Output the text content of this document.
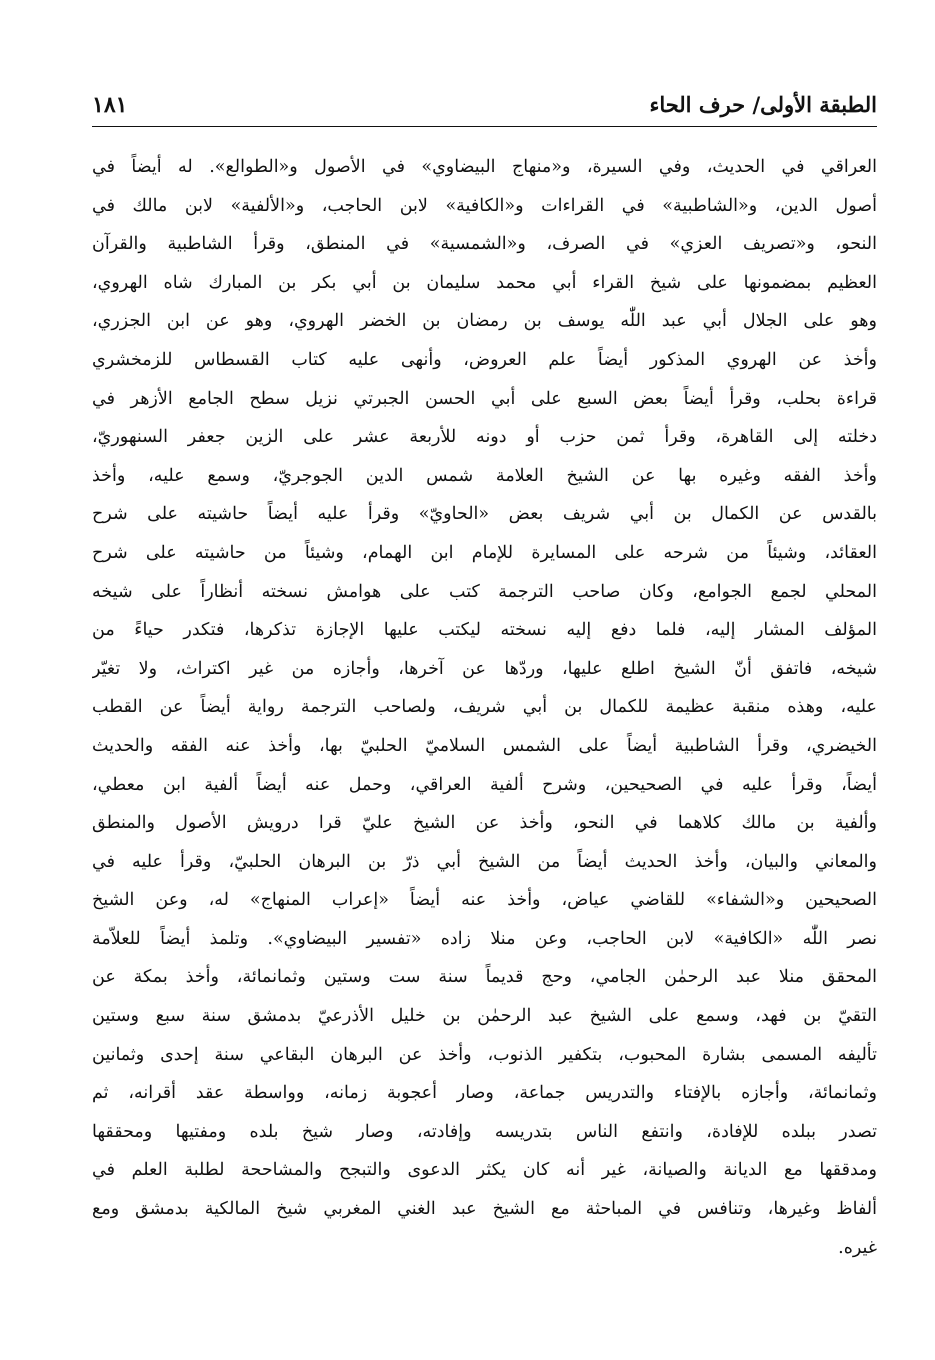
الطبقة الأولى/ حرف الحاء
١٨١
العراقي في الحديث، وفي السيرة، و«منهاج البيضاوي» في الأصول و«الطوالع». له أيضاً في
أصول الدين، و«الشاطبية» في القراءات و«الكافية» لابن الحاجب، و«الألفية» لابن مالك في
النحو، و«تصريف العزي» في الصرف، و«الشمسية» في المنطق، وقرأ الشاطبية والقرآن
العظيم بمضمونها على شيخ القراء أبي محمد سليمان بن أبي بكر بن المبارك شاه الهروي،
وهو على الجلال أبي عبد اللّٰه يوسف بن رمضان بن الخضر الهروي، وهو عن ابن الجزري،
وأخذ عن الهروي المذكور أيضاً علم العروض، وأنهى عليه كتاب القسطاس للزمخشري
قراءة بحلب، وقرأ أيضاً بعض السبع على أبي الحسن الجبرتي نزيل سطح الجامع الأزهر في
دخلته إلى القاهرة، وقرأ ثمن حزب أو دونه للأربعة عشر على الزين جعفر السنهوريّ،
وأخذ الفقه وغيره بها عن الشيخ العلامة شمس الدين الجوجريّ، وسمع عليه، وأخذ
بالقدس عن الكمال بن أبي شريف بعض «الحاويّ» وقرأ عليه أيضاً حاشيته على شرح
العقائد، وشيئاً من شرحه على المسايرة للإمام ابن الهمام، وشيئاً من حاشيته على شرح
المحلي لجمع الجوامع، وكان صاحب الترجمة كتب على هوامش نسخته أنظاراً على شيخه
المؤلف المشار إليه، فلما دفع إليه نسخته ليكتب عليها الإجازة تذكرها، فتكدر حياءً من
شيخه، فاتفق أنّ الشيخ اطلع عليها، وردّها عن آخرها، وأجازه من غير اكتراث، ولا تغيّر
عليه، وهذه منقبة عظيمة للكمال بن أبي شريف، ولصاحب الترجمة رواية أيضاً عن القطب
الخيضري، وقرأ الشاطبية أيضاً على الشمس السلاميّ الحلبيّ بها، وأخذ عنه الفقه والحديث
أيضاً، وقرأ عليه في الصحيحين، وشرح ألفية العراقي، وحمل عنه أيضاً ألفية ابن معطي،
وألفية بن مالك كلاهما في النحو، وأخذ عن الشيخ عليّ قرا درويش الأصول والمنطق
والمعاني والبيان، وأخذ الحديث أيضاً من الشيخ أبي ذرّ بن البرهان الحلبيّ، وقرأ عليه في
الصحيحين و«الشفاء» للقاضي عياض، وأخذ عنه أيضاً «إعراب المنهاج» له، وعن الشيخ
نصر اللّٰه «الكافية» لابن الحاجب، وعن منلا زاده «تفسير البيضاوي». وتلمذ أيضاً للعلاّمة
المحقق منلا عبد الرحمٰن الجامي، وحج قديماً سنة ست وستين وثمانمائة، وأخذ بمكة عن
التقيّ بن فهد، وسمع على الشيخ عبد الرحمٰن بن خليل الأذرعيّ بدمشق سنة سبع وستين
تأليفه المسمى بشارة المحبوب، بتكفير الذنوب، وأخذ عن البرهان البقاعي سنة إحدى وثمانين
وثمانمائة، وأجازه بالإفتاء والتدريس جماعة، وصار أعجوبة زمانه، وواسطة عقد أقرانه، ثم
تصدر ببلده للإفادة، وانتفع الناس بتدريسه وإفادته، وصار شيخ بلده ومفتيها ومحققها
ومدققها مع الديانة والصيانة، غير أنه كان يكثر الدعوى والتبجح والمشاححة لطلبة العلم في
ألفاظ وغيرها، وتنافس في المباحثة مع الشيخ عبد الغني المغربي شيخ المالكية بدمشق ومع
غيره.
